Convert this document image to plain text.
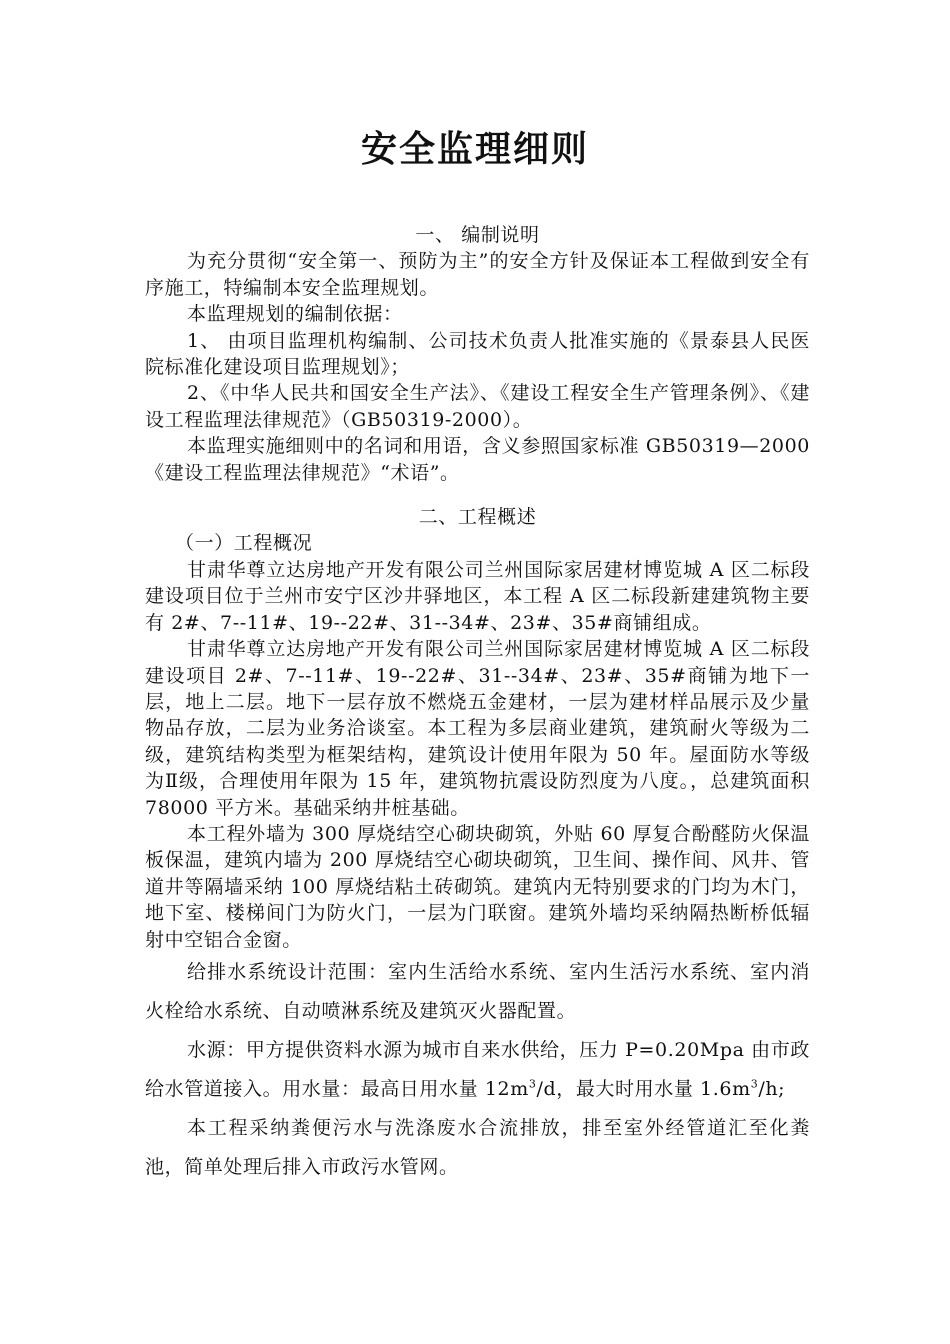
安全监理细则

一、 编制说明

为充分贯彻“安全第一、预防为主”的安全方针及保证本工程做到安全有序施工，特编制本安全监理规划。

本监理规划的编制依据：

1、 由项目监理机构编制、公司技术负责人批准实施的《景泰县人民医院标准化建设项目监理规划》；

2、《中华人民共和国安全生产法》、《建设工程安全生产管理条例》、《建设工程监理法律规范》（GB50319-2000）。

本监理实施细则中的名词和用语，含义参照国家标准 GB50319—2000《建设工程监理法律规范》“术语”。

二、工程概述

（一）工程概况

甘肃华尊立达房地产开发有限公司兰州国际家居建材博览城 A 区二标段建设项目位于兰州市安宁区沙井驿地区，本工程 A 区二标段新建建筑物主要有 2#、7--11#、19--22#、31--34#、23#、35#商铺组成。

甘肃华尊立达房地产开发有限公司兰州国际家居建材博览城 A 区二标段建设项目 2#、7--11#、19--22#、31--34#、23#、35#商铺为地下一层，地上二层。地下一层存放不燃烧五金建材，一层为建材样品展示及少量物品存放，二层为业务洽谈室。本工程为多层商业建筑，建筑耐火等级为二级，建筑结构类型为框架结构，建筑设计使用年限为 50 年。屋面防水等级为Ⅱ级，合理使用年限为 15 年，建筑物抗震设防烈度为八度。，总建筑面积 78000 平方米。基础采纳井桩基础。

本工程外墙为 300 厚烧结空心砌块砌筑，外贴 60 厚复合酚醛防火保温板保温，建筑内墙为 200 厚烧结空心砌块砌筑，卫生间、操作间、风井、管道井等隔墙采纳 100 厚烧结粘土砖砌筑。建筑内无特别要求的门均为木门，地下室、楼梯间门为防火门，一层为门联窗。建筑外墙均采纳隔热断桥低辐射中空铝合金窗。

给排水系统设计范围：室内生活给水系统、室内生活污水系统、室内消火栓给水系统、自动喷淋系统及建筑灭火器配置。

水源：甲方提供资料水源为城市自来水供给，压力 P=0.20Mpa 由市政给水管道接入。用水量：最高日用水量 $12m^3/d$，最大时用水量 $1.6m^3/h$;

本工程采纳粪便污水与洗涤废水合流排放，排至室外经管道汇至化粪池，简单处理后排入市政污水管网。
